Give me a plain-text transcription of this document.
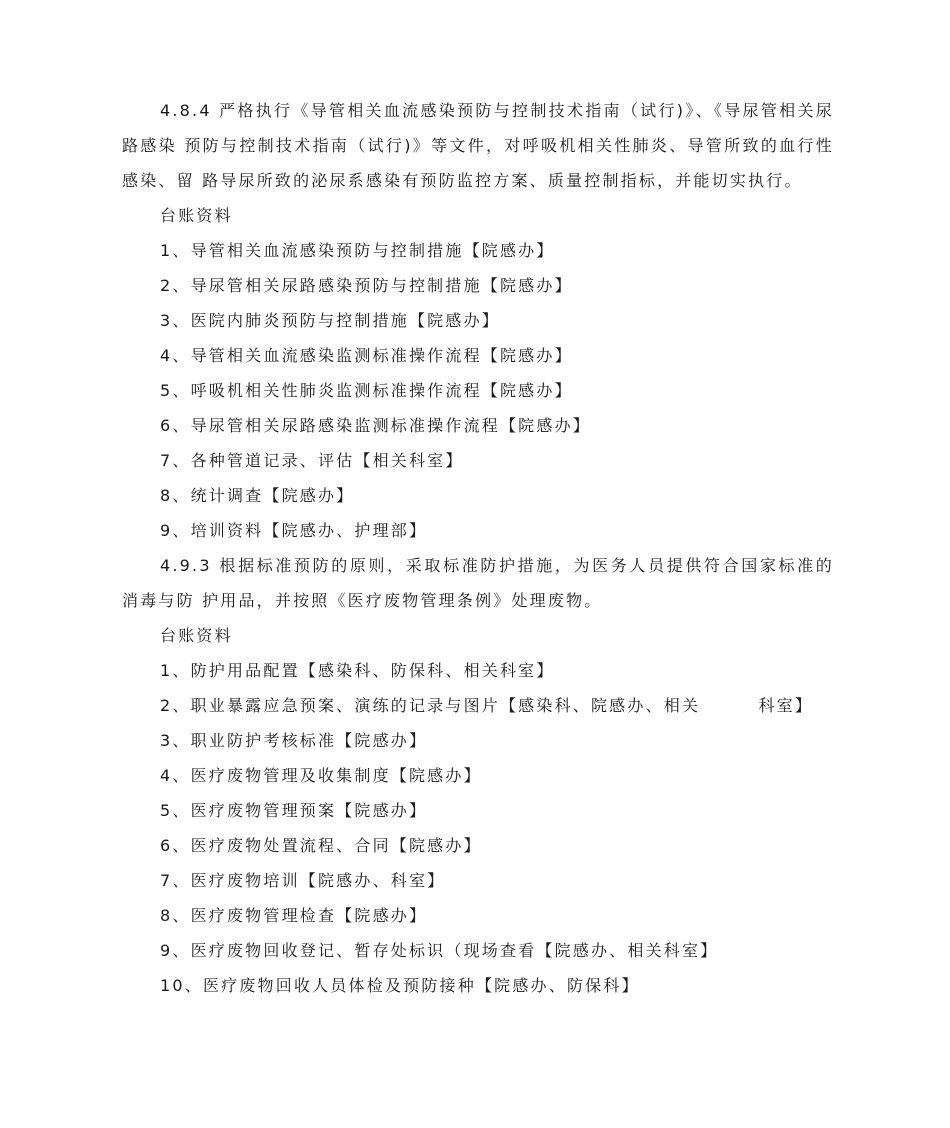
4.8.4 严格执行《导管相关血流感染预防与控制技术指南（试行)》、《导尿管相关尿路感染 预防与控制技术指南（试行)》等文件，对呼吸机相关性肺炎、导管所致的血行性感染、留 路导尿所致的泌尿系感染有预防监控方案、质量控制指标，并能切实执行。

台账资料

1、导管相关血流感染预防与控制措施【院感办】

2、导尿管相关尿路感染预防与控制措施【院感办】

3、医院内肺炎预防与控制措施【院感办】

4、导管相关血流感染监测标准操作流程【院感办】

5、呼吸机相关性肺炎监测标准操作流程【院感办】

6、导尿管相关尿路感染监测标准操作流程【院感办】

7、各种管道记录、评估【相关科室】

8、统计调查【院感办】

9、培训资料【院感办、护理部】

4.9.3 根据标准预防的原则，采取标准防护措施，为医务人员提供符合国家标准的消毒与防 护用品，并按照《医疗废物管理条例》处理废物。

台账资料

1、防护用品配置【感染科、防保科、相关科室】

2、职业暴露应急预案、演练的记录与图片【感染科、院感办、相关        科室】

3、职业防护考核标准【院感办】

4、医疗废物管理及收集制度【院感办】

5、医疗废物管理预案【院感办】

6、医疗废物处置流程、合同【院感办】

7、医疗废物培训【院感办、科室】

8、医疗废物管理检查【院感办】

9、医疗废物回收登记、暂存处标识（现场查看【院感办、相关科室】

10、医疗废物回收人员体检及预防接种【院感办、防保科】
